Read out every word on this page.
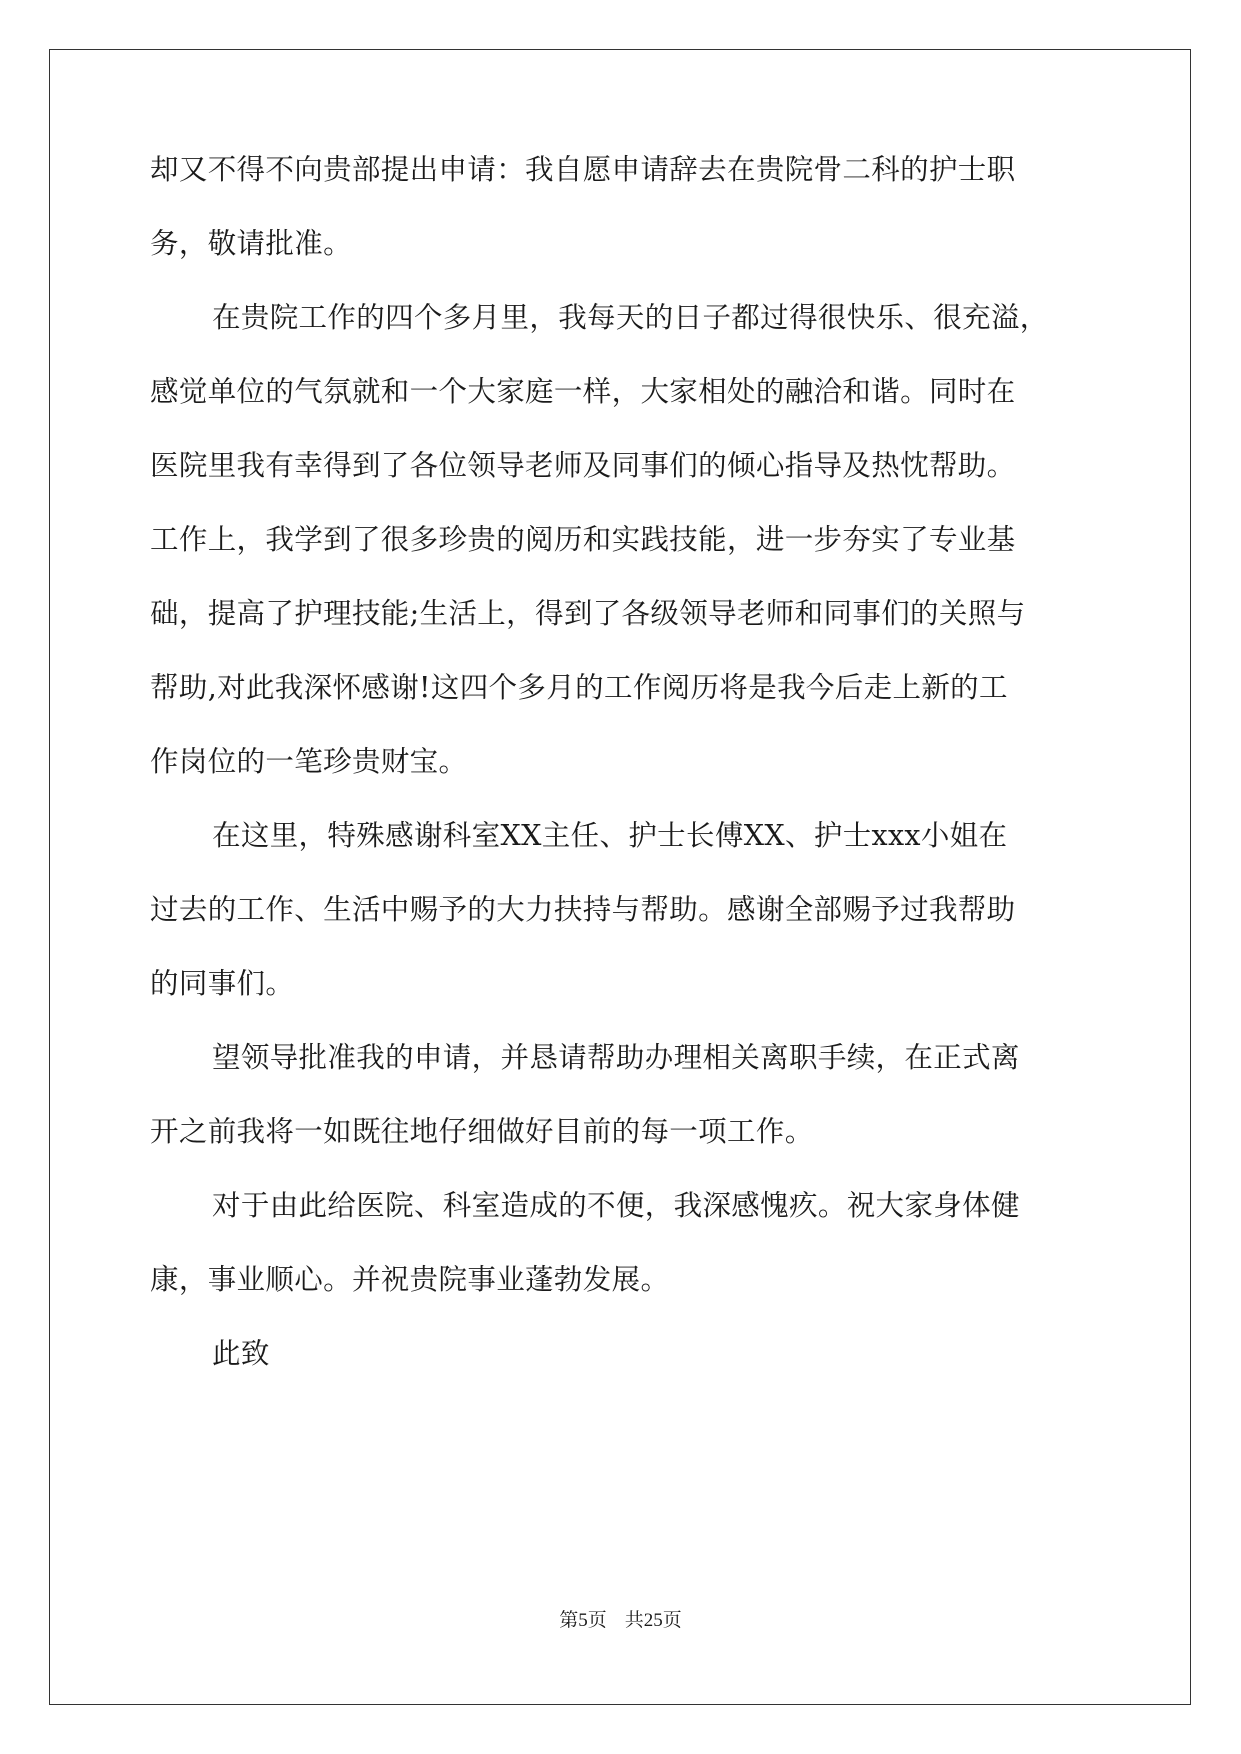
却又不得不向贵部提出申请：我自愿申请辞去在贵院骨二科的护士职
务，敬请批准。
在贵院工作的四个多月里，我每天的日子都过得很快乐、很充溢，
感觉单位的气氛就和一个大家庭一样，大家相处的融洽和谐。同时在
医院里我有幸得到了各位领导老师及同事们的倾心指导及热忱帮助。
工作上，我学到了很多珍贵的阅历和实践技能，进一步夯实了专业基
础，提高了护理技能;生活上，得到了各级领导老师和同事们的关照与
帮助,对此我深怀感谢!这四个多月的工作阅历将是我今后走上新的工
作岗位的一笔珍贵财宝。
在这里，特殊感谢科室XX主任、护士长傅XX、护士xxx小姐在
过去的工作、生活中赐予的大力扶持与帮助。感谢全部赐予过我帮助
的同事们。
望领导批准我的申请，并恳请帮助办理相关离职手续，在正式离
开之前我将一如既往地仔细做好目前的每一项工作。
对于由此给医院、科室造成的不便，我深感愧疚。祝大家身体健
康，事业顺心。并祝贵院事业蓬勃发展。
此致
第5页 共25页
